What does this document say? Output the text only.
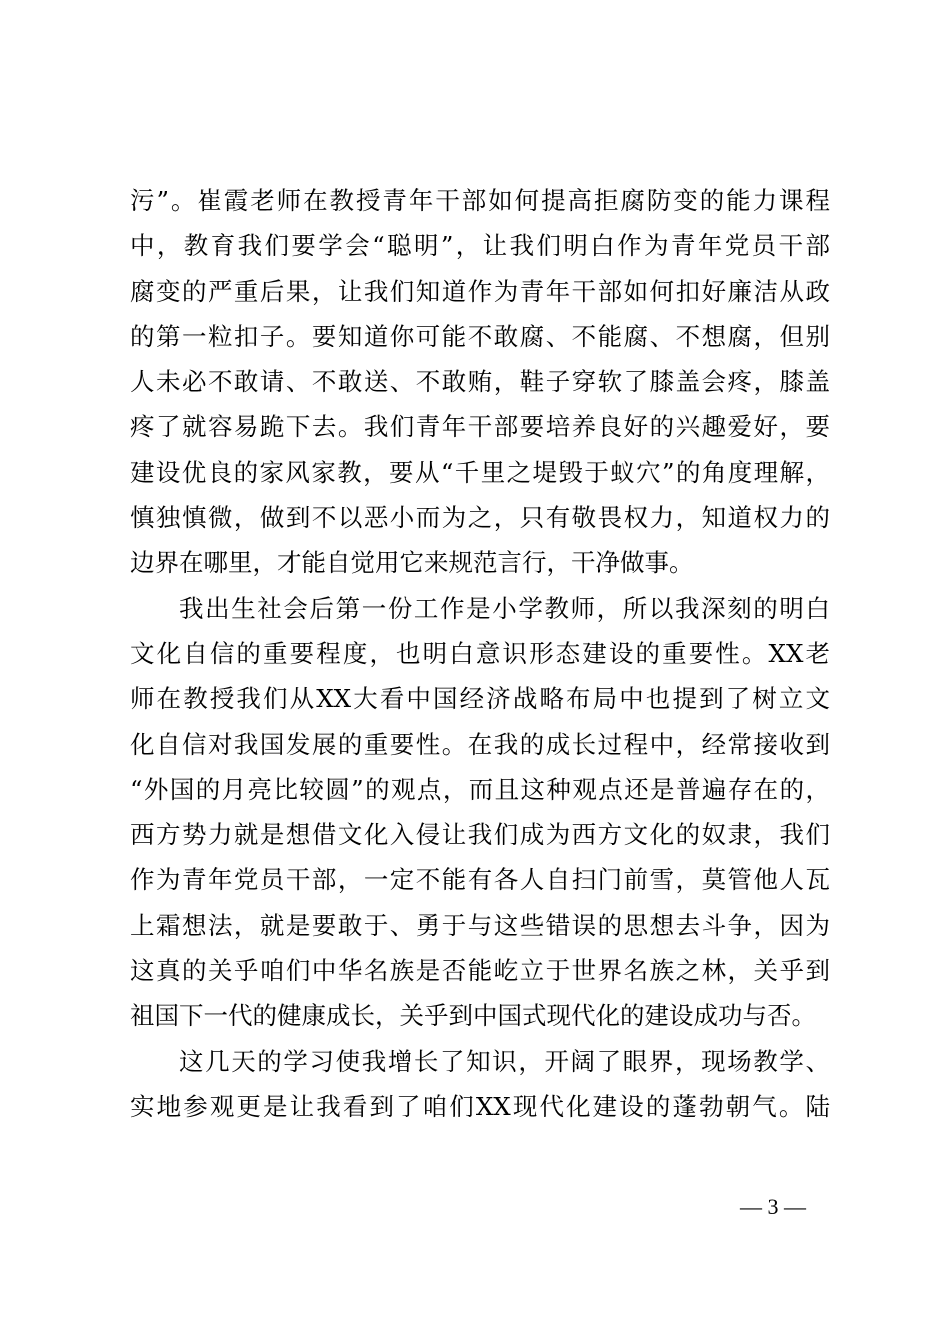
污”。崔霞老师在教授青年干部如何提高拒腐防变的能力课程
中，教育我们要学会“聪明”，让我们明白作为青年党员干部
腐变的严重后果，让我们知道作为青年干部如何扣好廉洁从政
的第一粒扣子。要知道你可能不敢腐、不能腐、不想腐，但别
人未必不敢请、不敢送、不敢贿，鞋子穿软了膝盖会疼，膝盖
疼了就容易跪下去。我们青年干部要培养良好的兴趣爱好，要
建设优良的家风家教，要从“千里之堤毁于蚁穴”的角度理解，
慎独慎微，做到不以恶小而为之，只有敬畏权力，知道权力的
边界在哪里，才能自觉用它来规范言行，干净做事。
我出生社会后第一份工作是小学教师，所以我深刻的明白
文化自信的重要程度，也明白意识形态建设的重要性。XX老
师在教授我们从XX大看中国经济战略布局中也提到了树立文
化自信对我国发展的重要性。在我的成长过程中，经常接收到
“外国的月亮比较圆”的观点，而且这种观点还是普遍存在的，
西方势力就是想借文化入侵让我们成为西方文化的奴隶，我们
作为青年党员干部，一定不能有各人自扫门前雪，莫管他人瓦
上霜想法，就是要敢于、勇于与这些错误的思想去斗争，因为
这真的关乎咱们中华名族是否能屹立于世界名族之林，关乎到
祖国下一代的健康成长，关乎到中国式现代化的建设成功与否。
这几天的学习使我增长了知识，开阔了眼界，现场教学、
实地参观更是让我看到了咱们XX现代化建设的蓬勃朝气。陆
— 3 —
